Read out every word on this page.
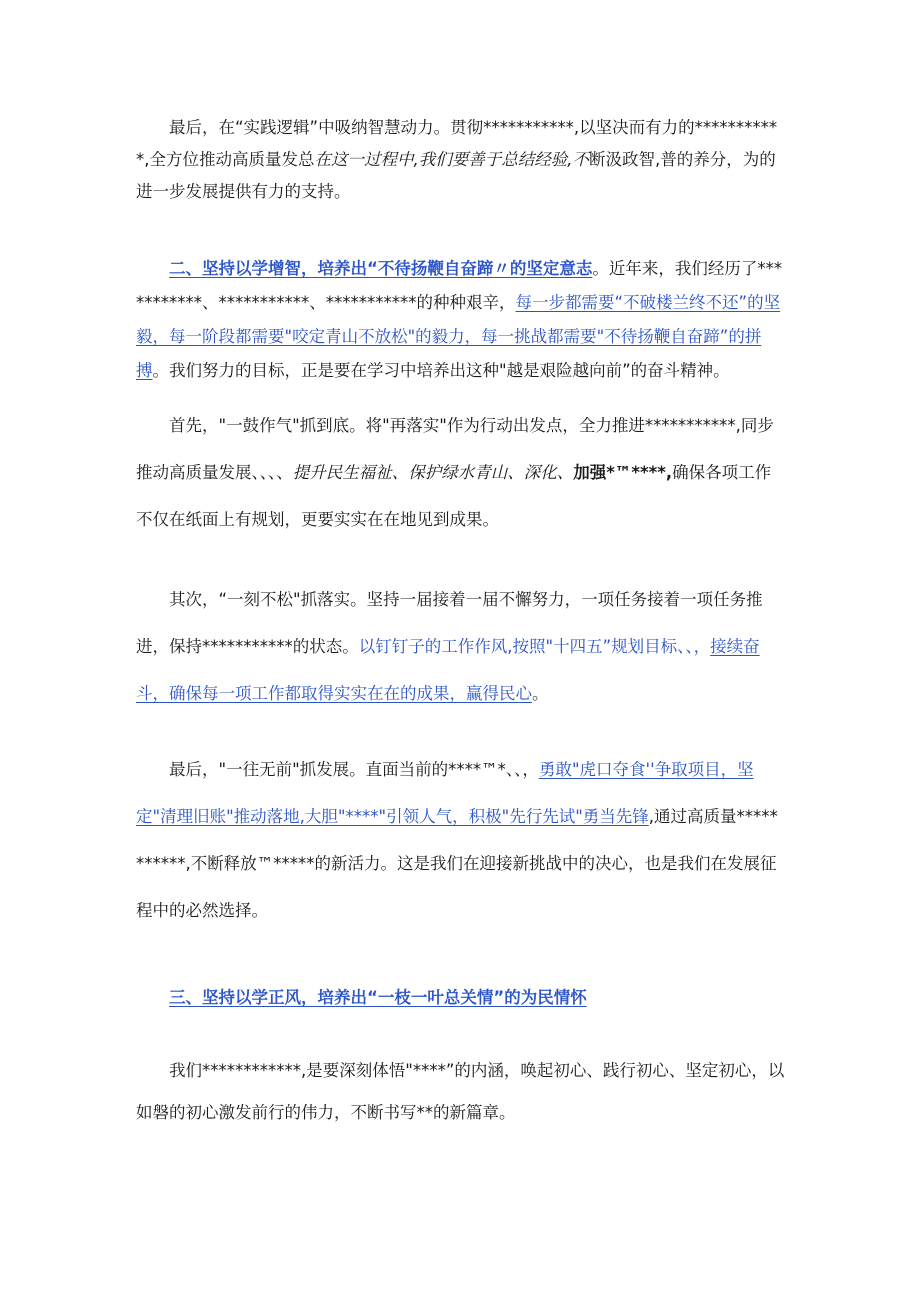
最后，在“实践逻辑”中吸纳智慧动力。贯彻***********,以坚决而有力的***********,全方位推动高质量发总在这一过程中,我们要善于总结经验,不断汲政智,普的养分，为的进一步发展提供有力的支持。

二、坚持以学增智，培养出“不待扬鞭自奋蹄〃的坚定意志。近年来，我们经历了***********、***********、***********的种种艰辛，每一步都需要“不破楼兰终不还”的坚毅，每一阶段都需要"咬定青山不放松"的毅力，每一挑战都需要"不待扬鞭自奋蹄”的拼搏。我们努力的目标，正是要在学习中培养出这种"越是艰险越向前”的奋斗精神。

首先，"一鼓作气"抓到底。将"再落实"作为行动出发点，全力推进***********,同步推动高质量发展、、、、提升民生福祉、保护绿水青山、深化、加强*™****,确保各项工作不仅在纸面上有规划，更要实实在在地见到成果。

其次，“一刻不松"抓落实。坚持一届接着一届不懈努力，一项任务接着一项任务推进，保持***********的状态。以钉钉子的工作作风,按照"十四五”规划目标、、，接续奋斗，确保每一项工作都取得实实在在的成果，赢得民心。

最后，"一往无前"抓发展。直面当前的****™*、、，勇敢"虎口夺食''争取项目，坚定"清理旧账"推动落地,大胆"****"引领人气，积极"先行先试"勇当先锋,通过高质量***********,不断释放™*****的新活力。这是我们在迎接新挑战中的决心，也是我们在发展征程中的必然选择。

三、坚持以学正风，培养出“一枝一叶总关情”的为民情怀

我们************,是要深刻体悟"****”的内涵，唤起初心、践行初心、坚定初心，以如磐的初心激发前行的伟力，不断书写**的新篇章。
